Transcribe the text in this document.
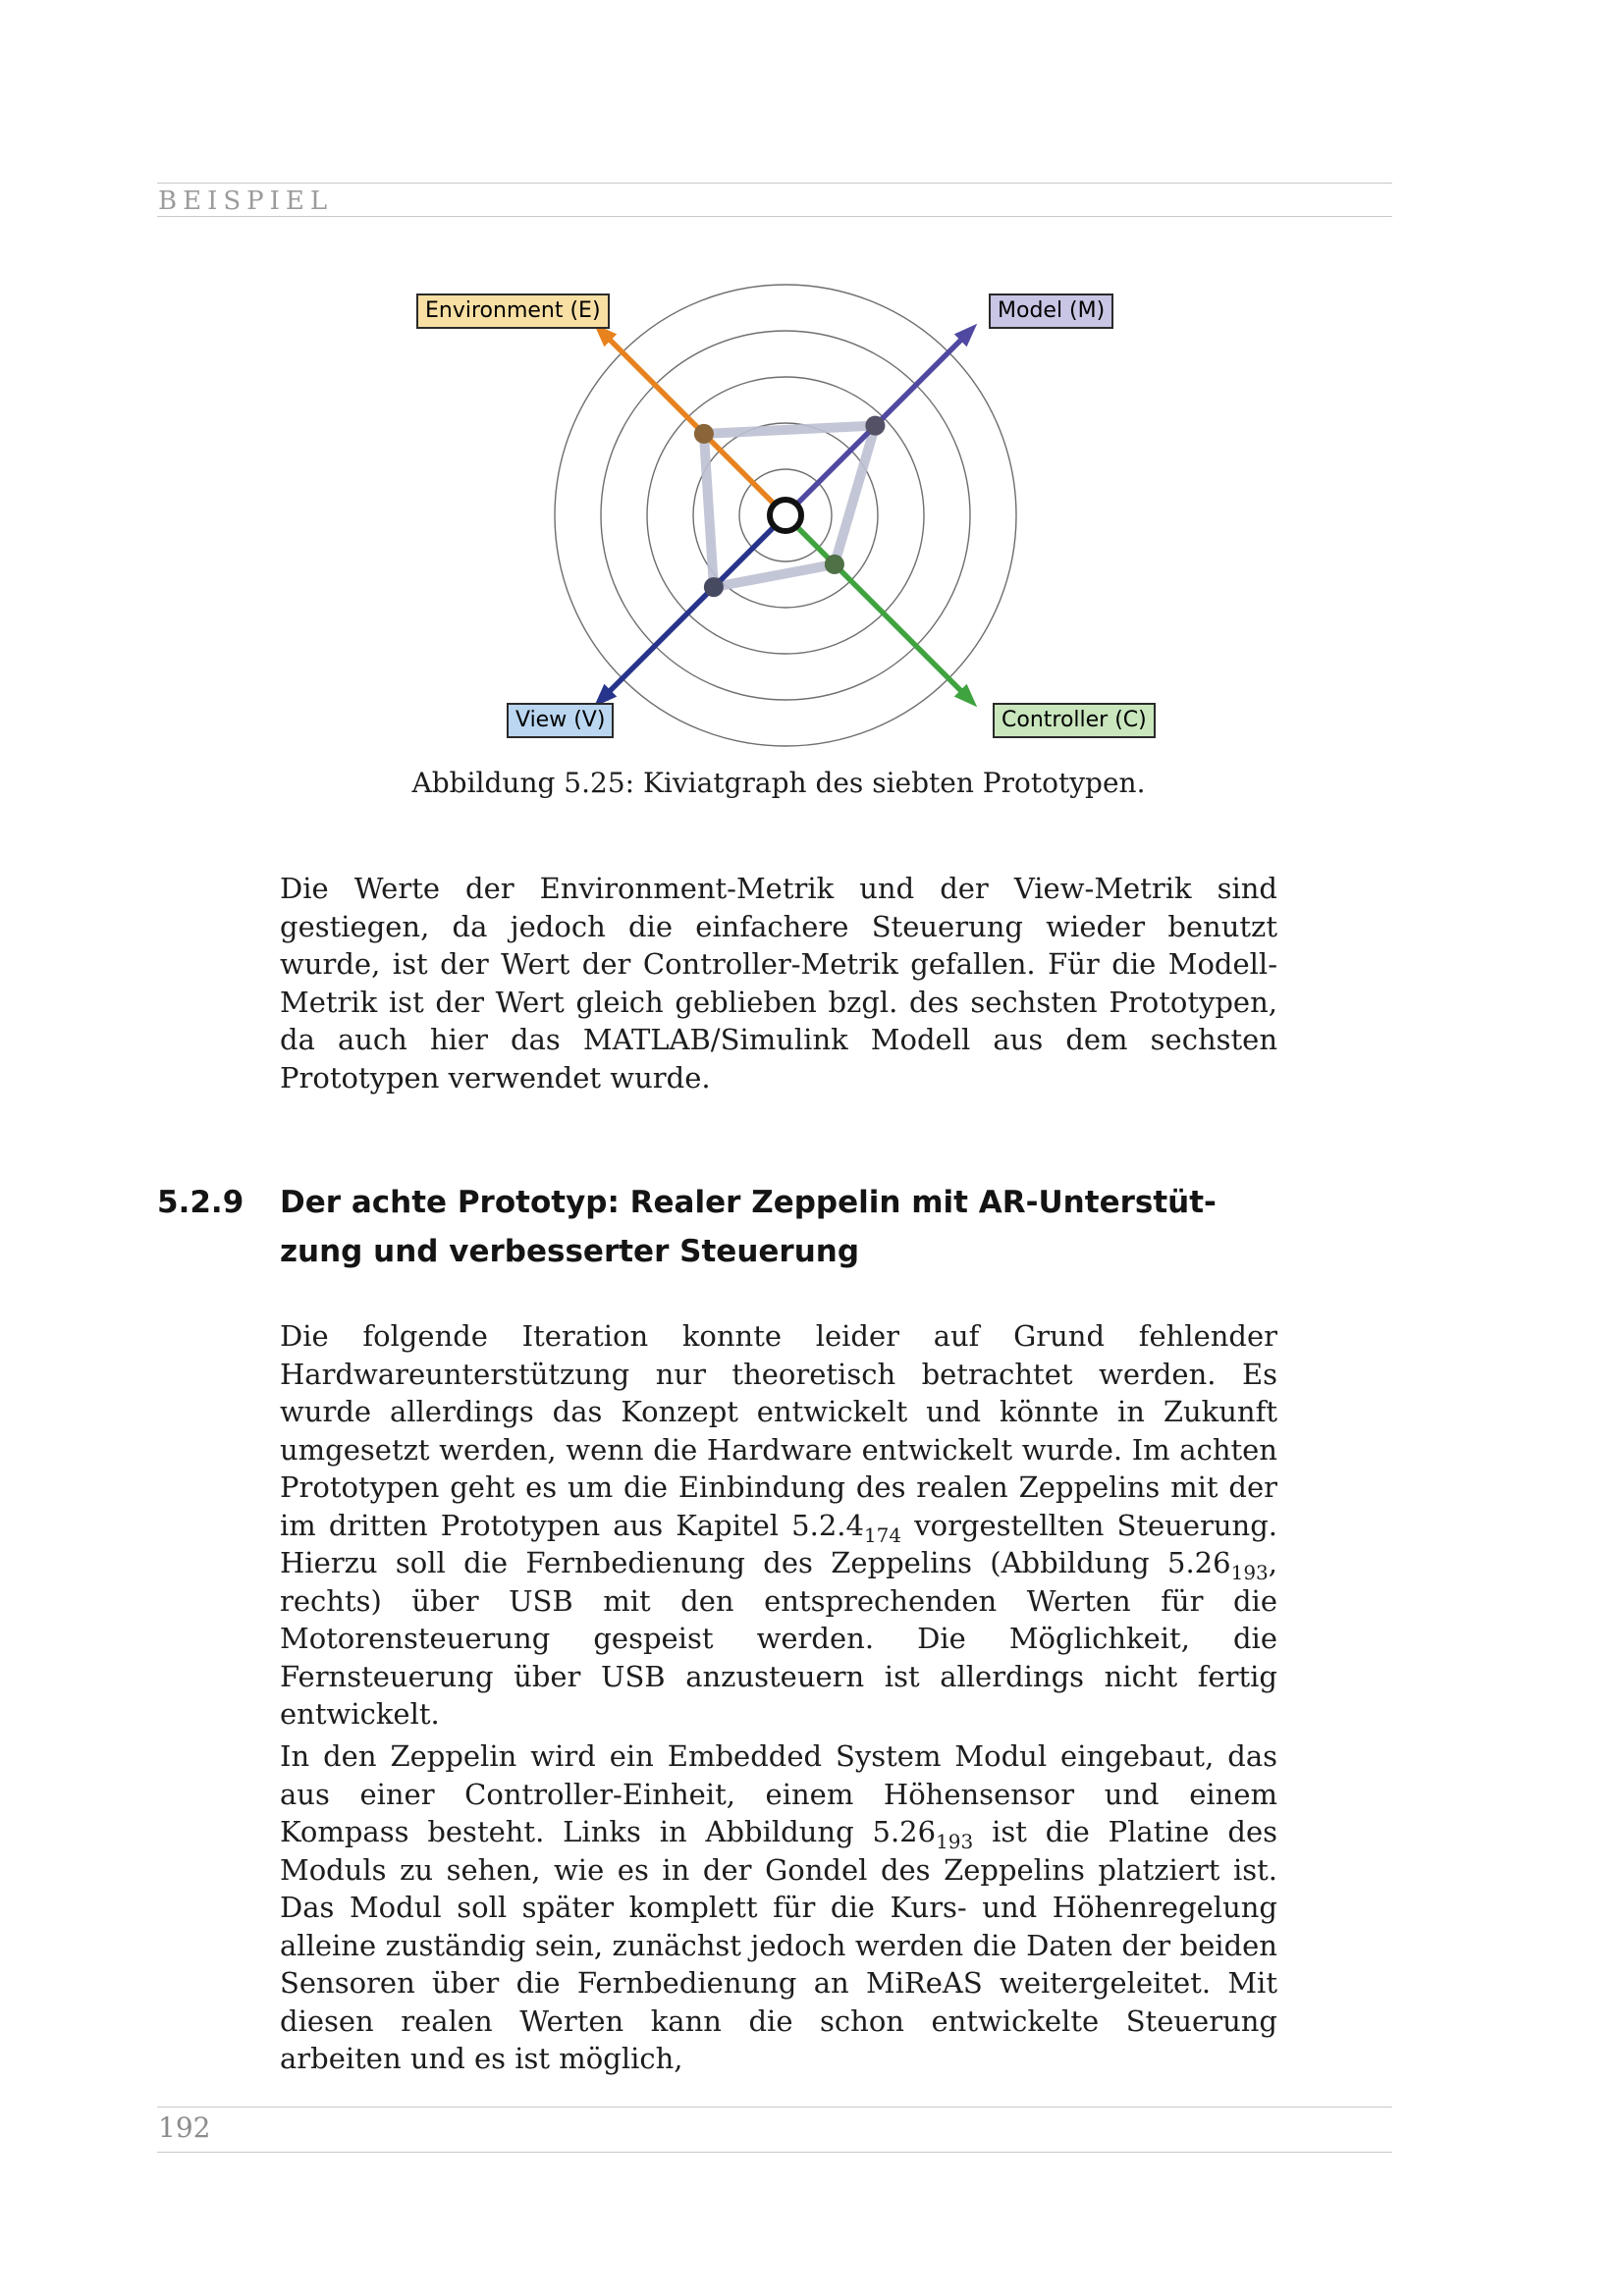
BEISPIEL
Environment (E)	Model (M)
View (V)	Controller (C)
Abbildung 5.25: Kiviatgraph des siebten Prototypen.

Die Werte der Environment-Metrik und der View-Metrik sind gestiegen, da jedoch die einfachere Steuerung wieder benutzt wurde, ist der Wert der Controller-Metrik gefallen. Für die Modell-Metrik ist der Wert gleich geblieben bzgl. des sechsten Prototypen, da auch hier das MATLAB/Simulink Modell aus dem sechsten Prototypen verwendet wurde.

5.2.9 Der achte Prototyp: Realer Zeppelin mit AR-Unterstüt-
zung und verbesserter Steuerung

Die folgende Iteration konnte leider auf Grund fehlender Hardwareunterstützung nur theoretisch betrachtet werden. Es wurde allerdings das Konzept entwickelt und könnte in Zukunft umgesetzt werden, wenn die Hardware entwickelt wurde. Im achten Prototypen geht es um die Einbindung des realen Zeppelins mit der im dritten Prototypen aus Kapitel $5.2.4_{174}$ vorgestellten Steuerung. Hierzu soll die Fernbedienung des Zeppelins (Abbildung $5.26_{193}$, rechts) über USB mit den entsprechenden Werten für die Motorensteuerung gespeist werden. Die Möglichkeit, die Fernsteuerung über USB anzusteuern ist allerdings nicht fertig entwickelt.

In den Zeppelin wird ein Embedded System Modul eingebaut, das aus einer Controller-Einheit, einem Höhensensor und einem Kompass besteht. Links in Abbildung $5.26_{193}$ ist die Platine des Moduls zu sehen, wie es in der Gondel des Zeppelins platziert ist. Das Modul soll später komplett für die Kurs- und Höhenregelung alleine zuständig sein, zunächst jedoch werden die Daten der beiden Sensoren über die Fernbedienung an MiReAS weitergeleitet. Mit diesen realen Werten kann die schon entwickelte Steuerung arbeiten und es ist möglich,

192
